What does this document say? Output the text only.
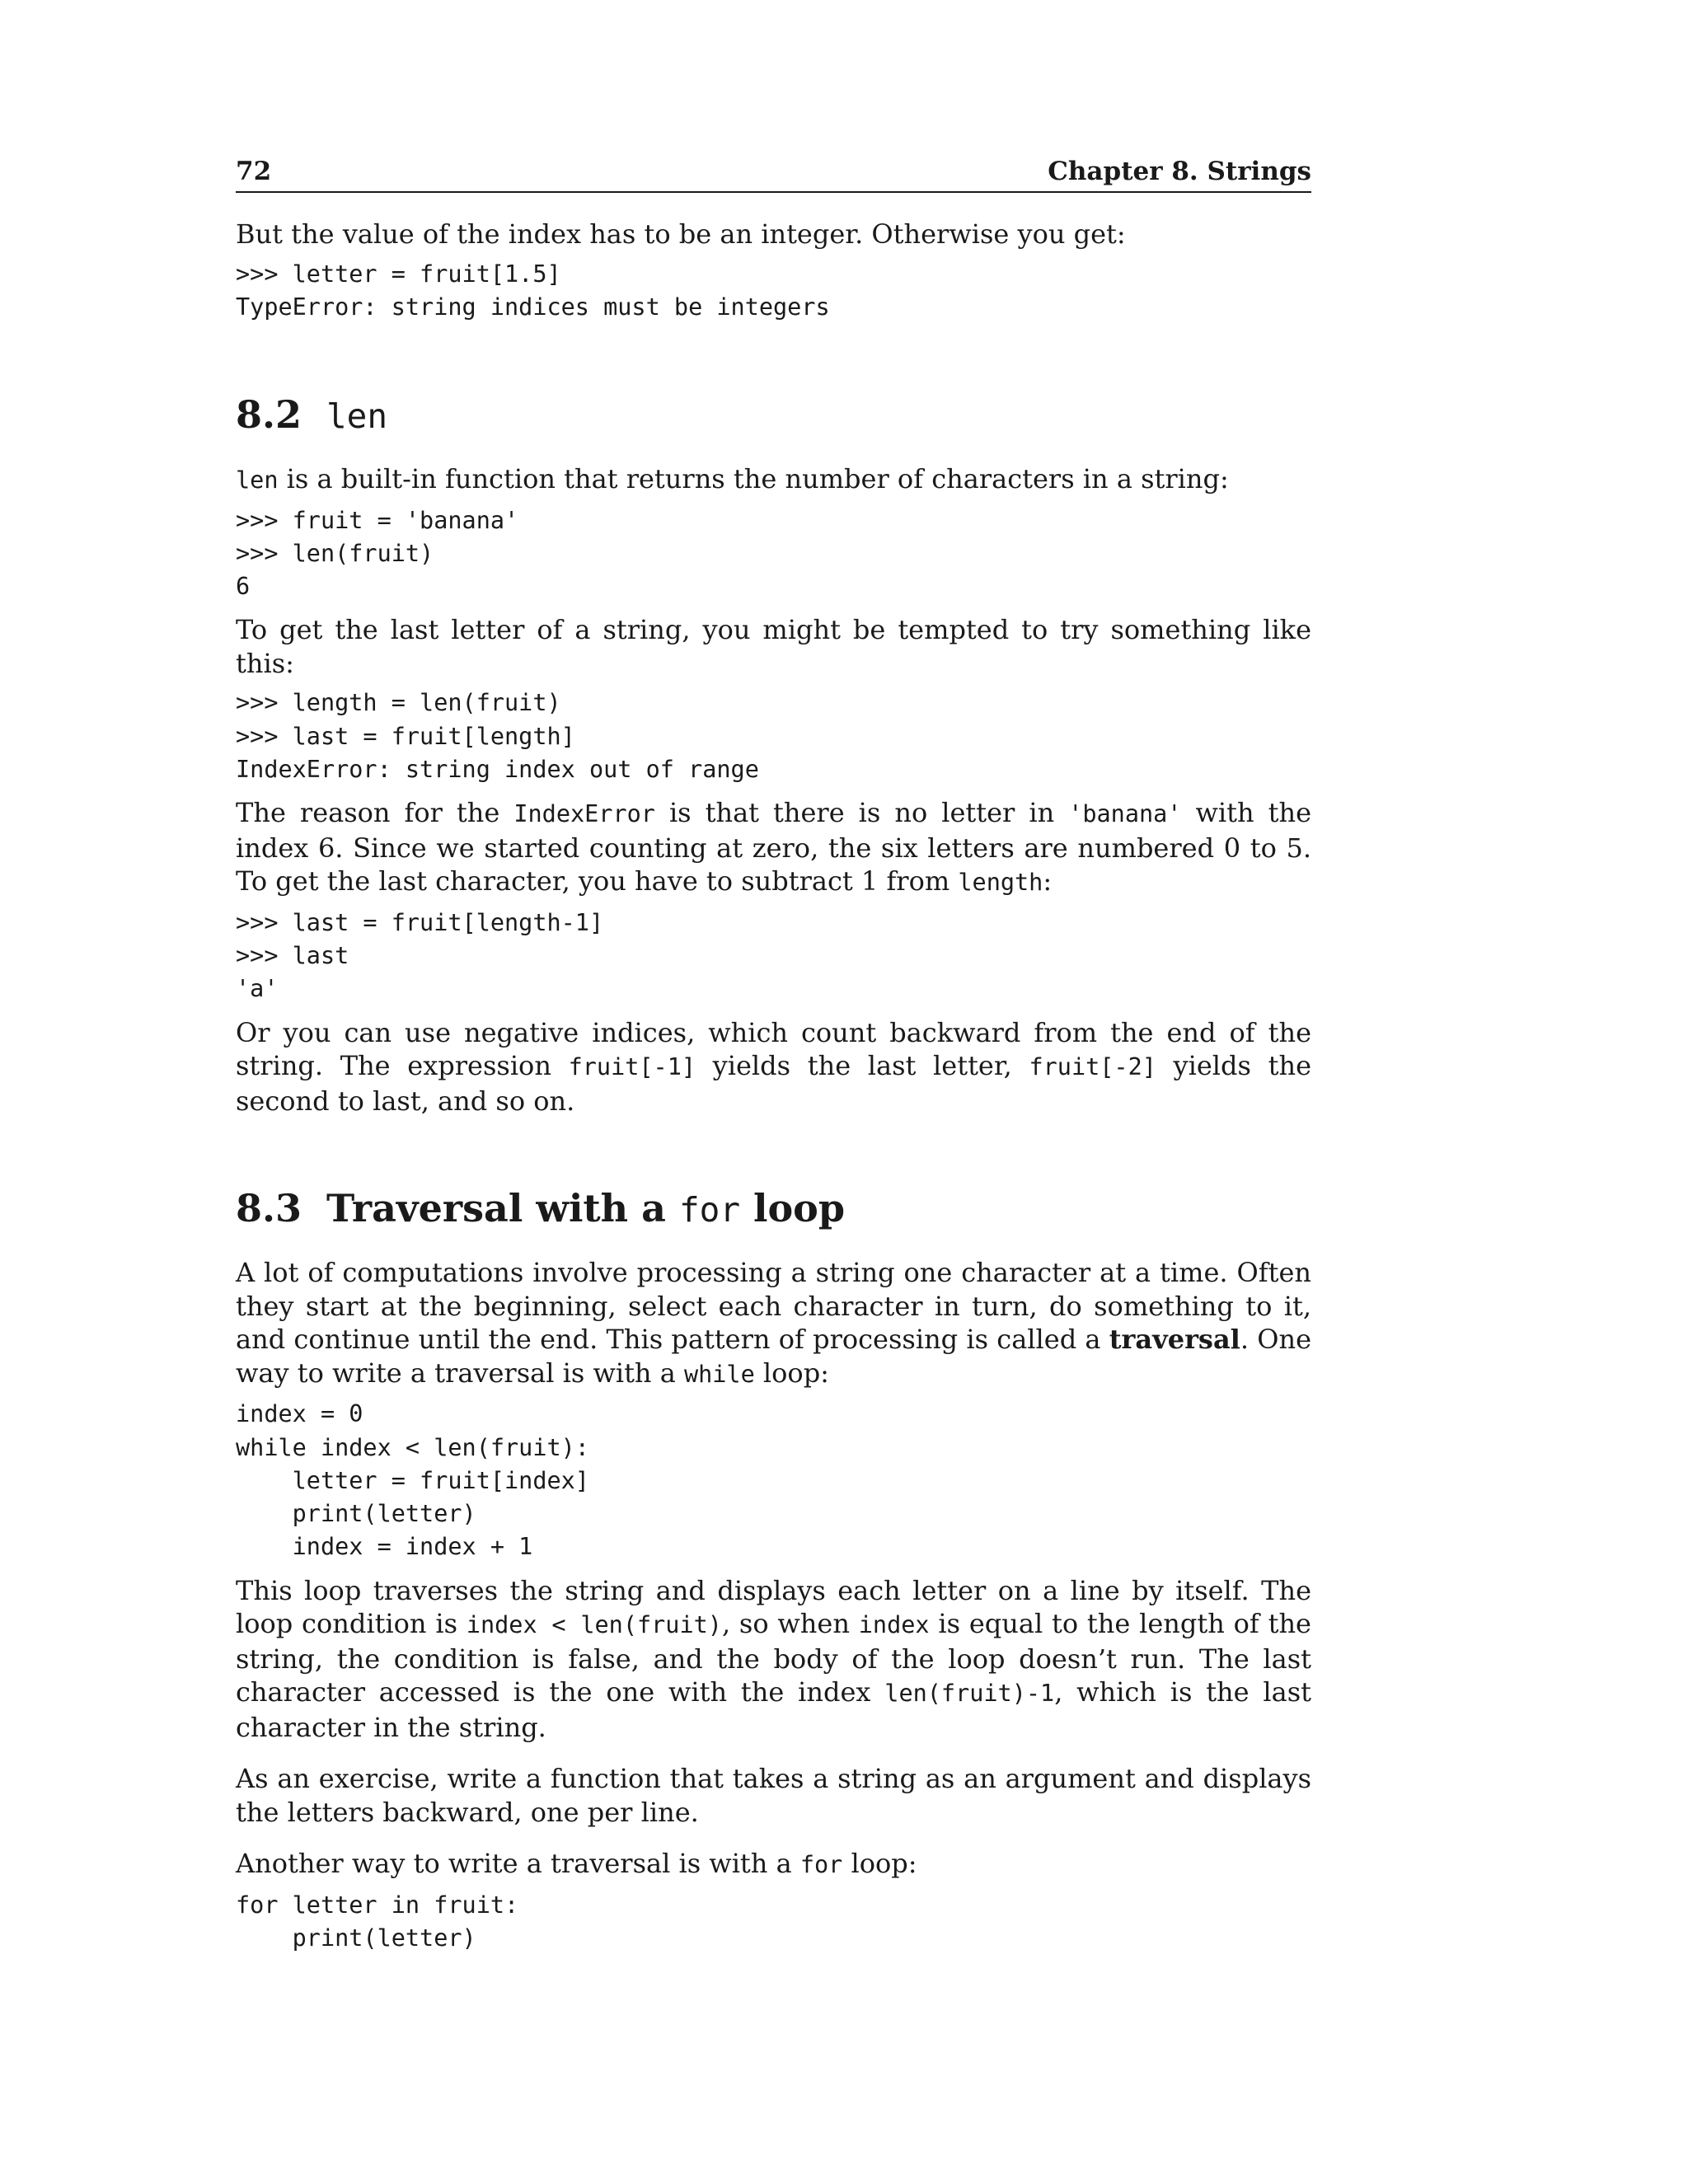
72	Chapter 8. Strings

But the value of the index has to be an integer. Otherwise you get:

>>> letter = fruit[1.5]
TypeError: string indices must be integers
8.2 len

len is a built-in function that returns the number of characters in a string:

>>> fruit = 'banana'
>>> len(fruit)
6

To get the last letter of a string, you might be tempted to try something like this:

>>> length = len(fruit)
>>> last = fruit[length]
IndexError: string index out of range

The reason for the IndexError is that there is no letter in 'banana' with the index 6. Since we started counting at zero, the six letters are numbered 0 to 5. To get the last character, you have to subtract 1 from length:

>>> last = fruit[length-1]
>>> last
'a'

Or you can use negative indices, which count backward from the end of the string. The expression fruit[-1] yields the last letter, fruit[-2] yields the second to last, and so on.

8.3 Traversal with a for loop

A lot of computations involve processing a string one character at a time. Often they start at the beginning, select each character in turn, do something to it, and continue until the end. This pattern of processing is called a traversal. One way to write a traversal is with a while loop:

index = 0
while index < len(fruit):
letter = fruit[index]
print(letter)
index = index + 1

This loop traverses the string and displays each letter on a line by itself. The loop condition is index < len(fruit), so when index is equal to the length of the string, the condition is false, and the body of the loop doesn’t run. The last character accessed is the one with the index len(fruit)-1, which is the last character in the string.

As an exercise, write a function that takes a string as an argument and displays the letters backward, one per line.

Another way to write a traversal is with a for loop:

for letter in fruit:
print(letter)
